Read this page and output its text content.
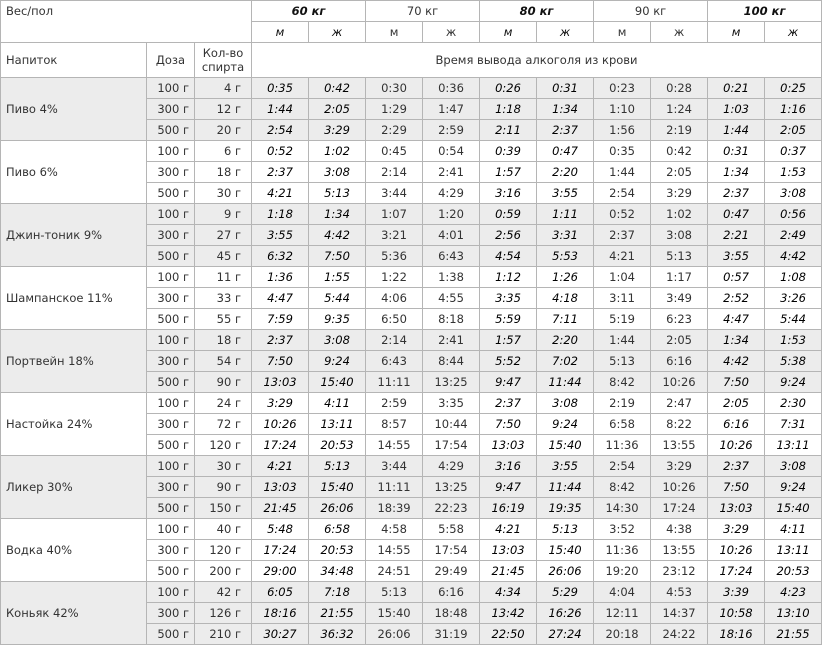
Вес/пол			60 кг		70 кг		80 кг		90 кг		100 кг	
			м	ж	м	ж	м	ж	м	ж	м	ж
Напиток	Доза	Кол-во спирта	Время вывода алкоголя из крови									
Пиво 4%	100 г	4 г	0:35	0:42	0:30	0:36	0:26	0:31	0:23	0:28	0:21	0:25
	300 г	12 г	1:44	2:05	1:29	1:47	1:18	1:34	1:10	1:24	1:03	1:16
	500 г	20 г	2:54	3:29	2:29	2:59	2:11	2:37	1:56	2:19	1:44	2:05
Пиво 6%	100 г	6 г	0:52	1:02	0:45	0:54	0:39	0:47	0:35	0:42	0:31	0:37
	300 г	18 г	2:37	3:08	2:14	2:41	1:57	2:20	1:44	2:05	1:34	1:53
	500 г	30 г	4:21	5:13	3:44	4:29	3:16	3:55	2:54	3:29	2:37	3:08
Джин-тоник 9%	100 г	9 г	1:18	1:34	1:07	1:20	0:59	1:11	0:52	1:02	0:47	0:56
	300 г	27 г	3:55	4:42	3:21	4:01	2:56	3:31	2:37	3:08	2:21	2:49
	500 г	45 г	6:32	7:50	5:36	6:43	4:54	5:53	4:21	5:13	3:55	4:42
Шампанское 11%	100 г	11 г	1:36	1:55	1:22	1:38	1:12	1:26	1:04	1:17	0:57	1:08
	300 г	33 г	4:47	5:44	4:06	4:55	3:35	4:18	3:11	3:49	2:52	3:26
	500 г	55 г	7:59	9:35	6:50	8:18	5:59	7:11	5:19	6:23	4:47	5:44
Портвейн 18%	100 г	18 г	2:37	3:08	2:14	2:41	1:57	2:20	1:44	2:05	1:34	1:53
	300 г	54 г	7:50	9:24	6:43	8:44	5:52	7:02	5:13	6:16	4:42	5:38
	500 г	90 г	13:03	15:40	11:11	13:25	9:47	11:44	8:42	10:26	7:50	9:24
Настойка 24%	100 г	24 г	3:29	4:11	2:59	3:35	2:37	3:08	2:19	2:47	2:05	2:30
	300 г	72 г	10:26	13:11	8:57	10:44	7:50	9:24	6:58	8:22	6:16	7:31
	500 г	120 г	17:24	20:53	14:55	17:54	13:03	15:40	11:36	13:55	10:26	13:11
Ликер 30%	100 г	30 г	4:21	5:13	3:44	4:29	3:16	3:55	2:54	3:29	2:37	3:08
	300 г	90 г	13:03	15:40	11:11	13:25	9:47	11:44	8:42	10:26	7:50	9:24
	500 г	150 г	21:45	26:06	18:39	22:23	16:19	19:35	14:30	17:24	13:03	15:40
Водка 40%	100 г	40 г	5:48	6:58	4:58	5:58	4:21	5:13	3:52	4:38	3:29	4:11
	300 г	120 г	17:24	20:53	14:55	17:54	13:03	15:40	11:36	13:55	10:26	13:11
	500 г	200 г	29:00	34:48	24:51	29:49	21:45	26:06	19:20	23:12	17:24	20:53
Коньяк 42%	100 г	42 г	6:05	7:18	5:13	6:16	4:34	5:29	4:04	4:53	3:39	4:23
	300 г	126 г	18:16	21:55	15:40	18:48	13:42	16:26	12:11	14:37	10:58	13:10
	500 г	210 г	30:27	36:32	26:06	31:19	22:50	27:24	20:18	24:22	18:16	21:55
